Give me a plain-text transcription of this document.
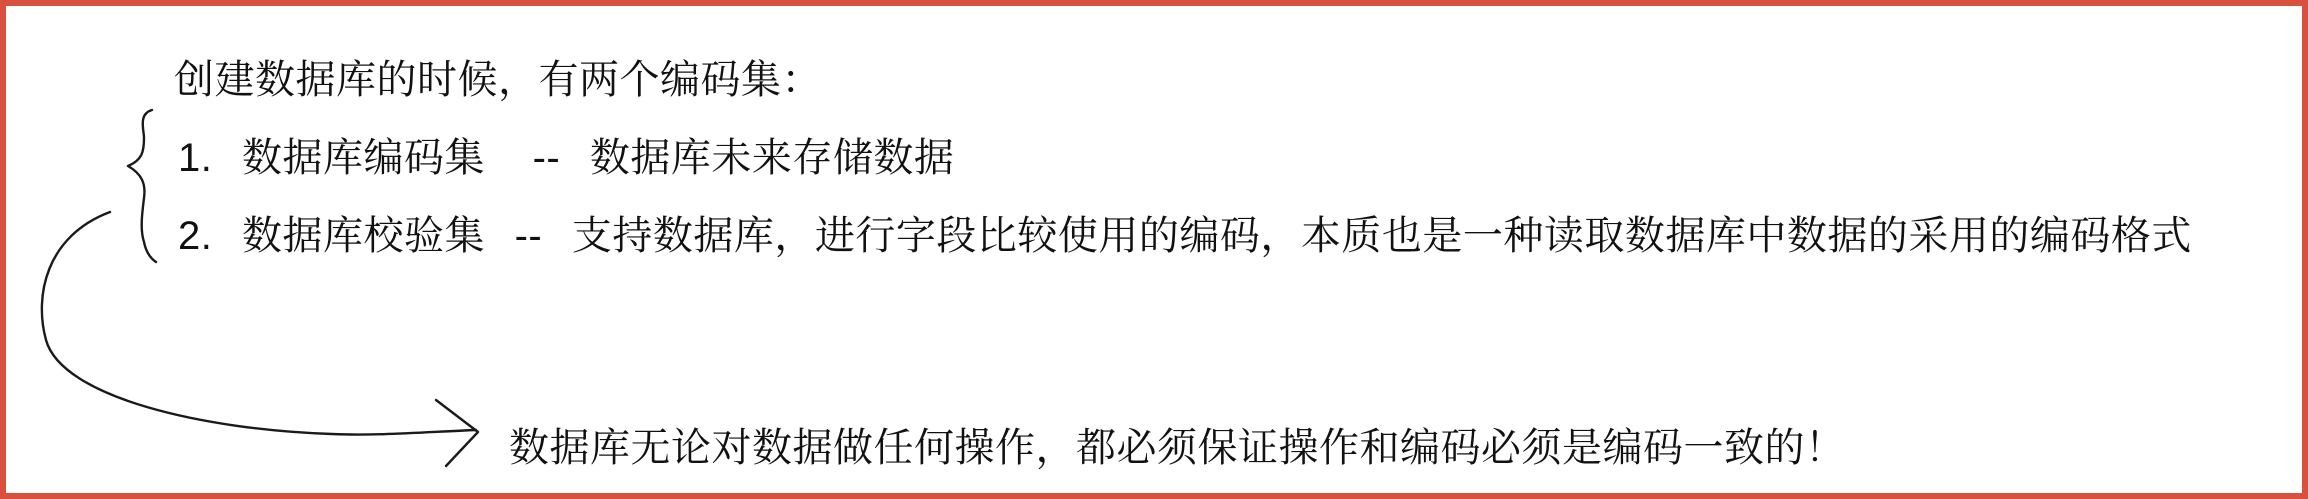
创建数据库的时候，有两个编码集：
1. 数据库编码集 -- 数据库未来存储数据
2. 数据库校验集 -- 支持数据库，进行字段比较使用的编码，本质也是一种读取数据库中数据的采用的编码格式
数据库无论对数据做任何操作，都必须保证操作和编码必须是编码一致的！
